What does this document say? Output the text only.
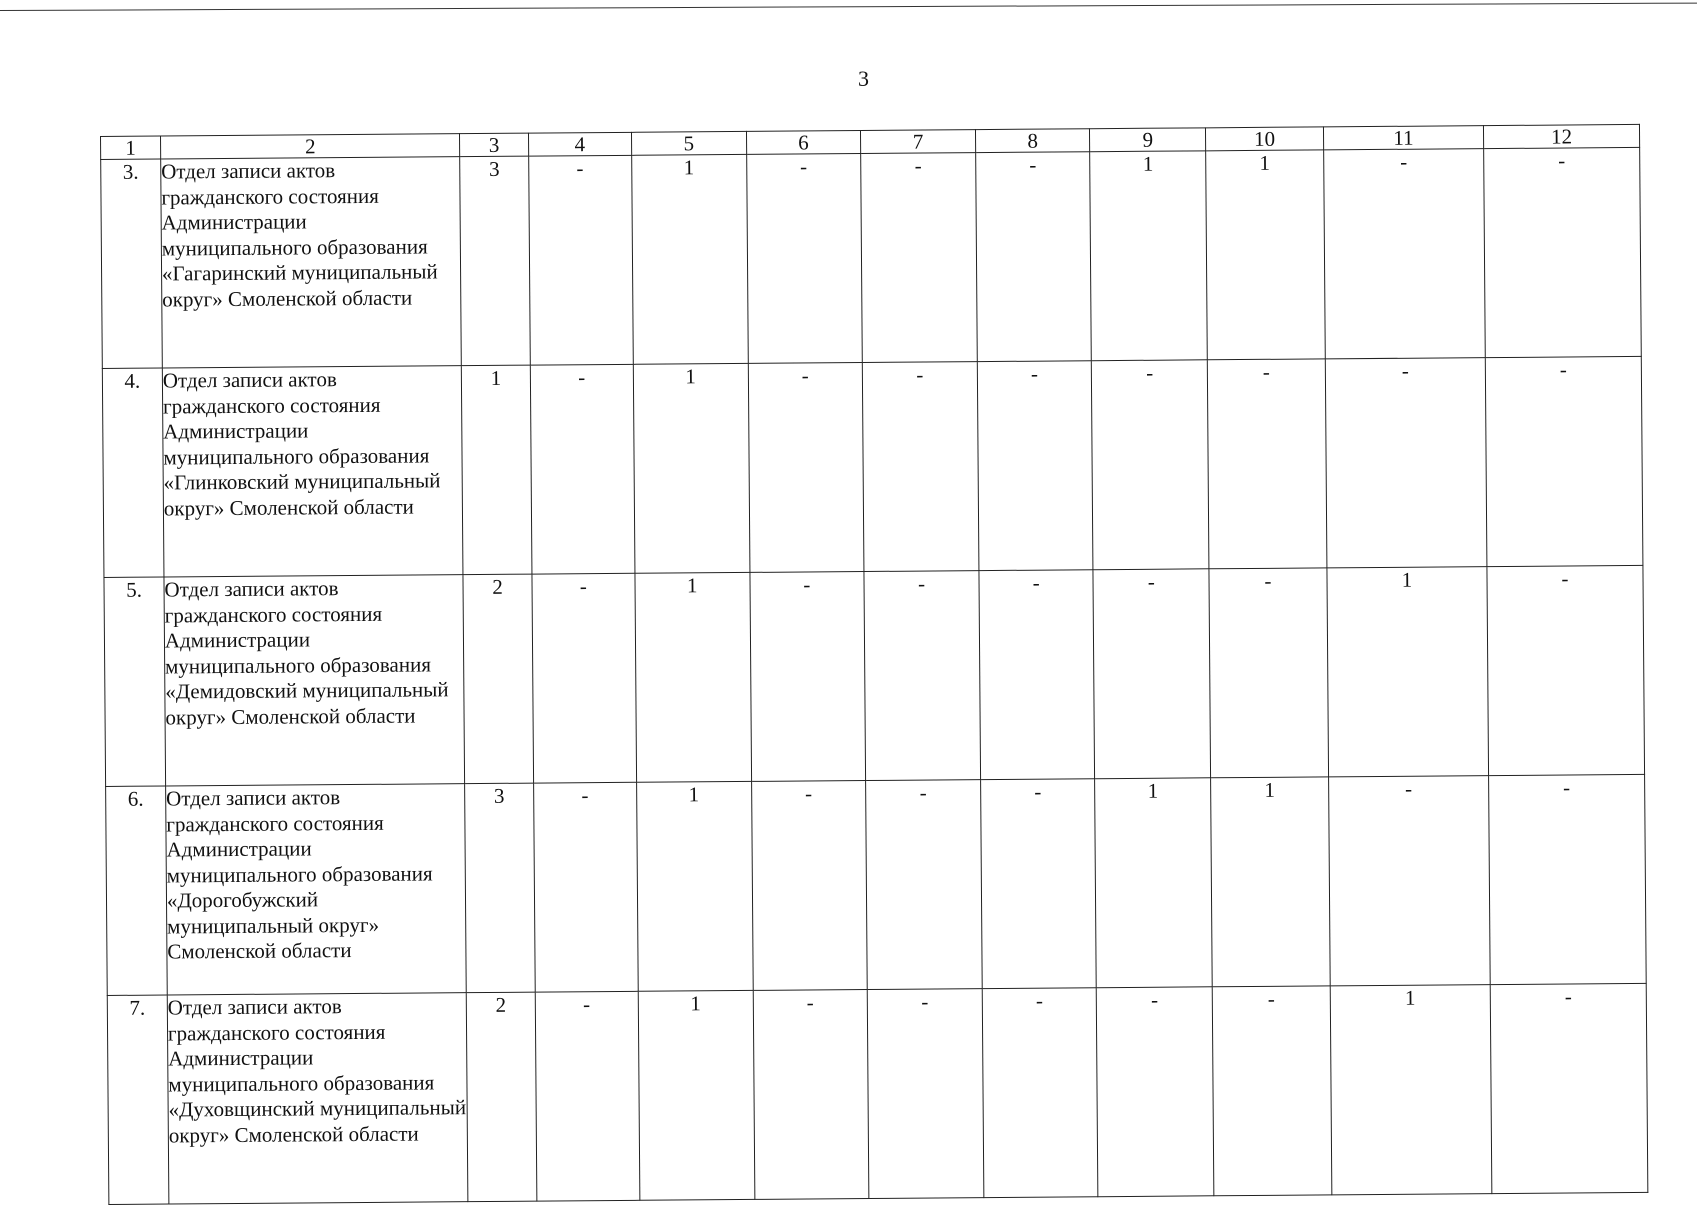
3
1	2	3	4	5	6	7	8	9	10	11	12
3.	Отдел записи актов гражданского состояния Администрации муниципального образования «Гагаринский муниципальный округ» Смоленской области	3	-	1	-	-	-	1	1	-	-
4.	Отдел записи актов гражданского состояния Администрации муниципального образования «Глинковский муниципальный округ» Смоленской области	1	-	1	-	-	-	-	-	-	-
5.	Отдел записи актов гражданского состояния Администрации муниципального образования «Демидовский муниципальный округ» Смоленской области	2	-	1	-	-	-	-	-	1	-
6.	Отдел записи актов гражданского состояния Администрации муниципального образования «Дорогобужский муниципальный округ» Смоленской области	3	-	1	-	-	-	1	1	-	-
7.	Отдел записи актов гражданского состояния Администрации муниципального образования «Духовщинский муниципальный округ» Смоленской области	2	-	1	-	-	-	-	-	1	-
